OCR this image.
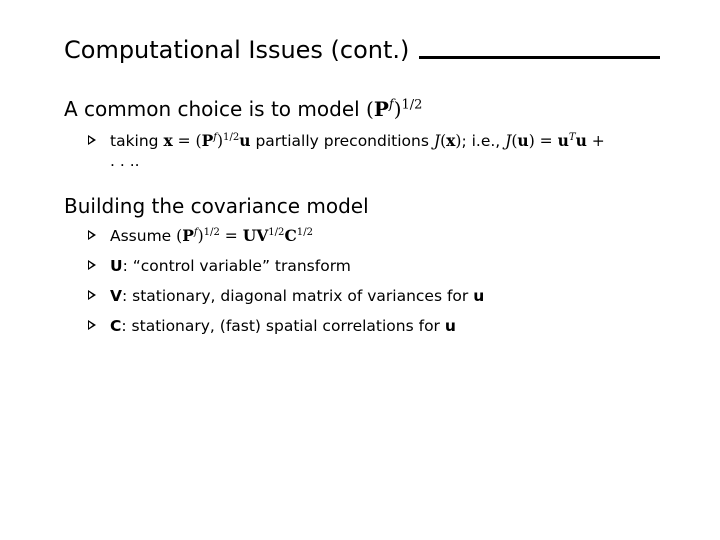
Computational Issues (cont.)
A common choice is to model $(P^f)^{1/2}$
taking $x = (P^f)^{1/2}u$ partially preconditions J(x); i.e., $J(u) = u^Tu$ +
. . ..
Building the covariance model
Assume $(P^f)^{1/2} = UV^{1/2}C^{1/2}$
U: “control variable” transform
V: stationary, diagonal matrix of variances for u
C: stationary, (fast) spatial correlations for u
